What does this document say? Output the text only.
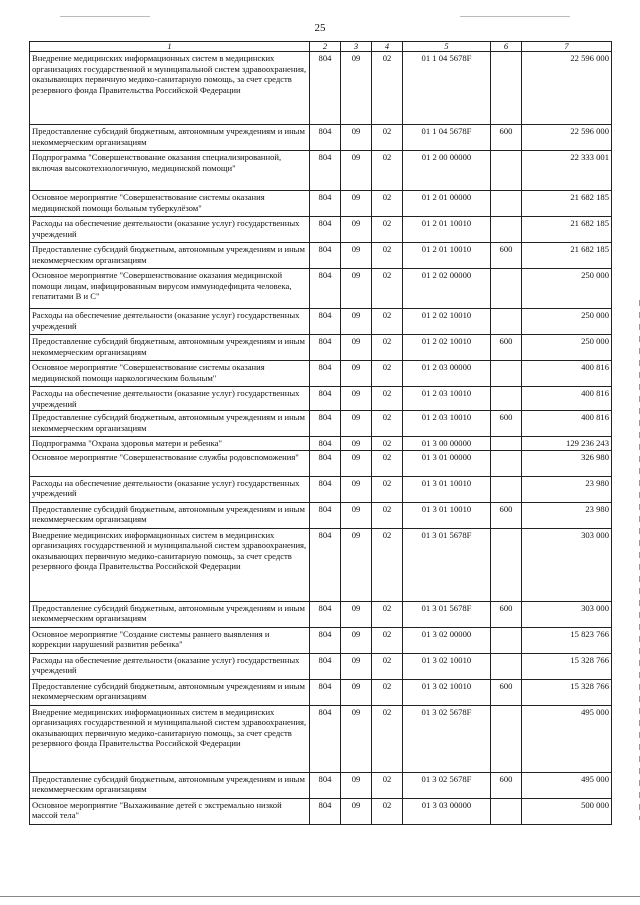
25
1	2	3	4	5	6	7
Внедрение медицинских информационных систем в медицинских организациях государственной и муниципальной систем здравоохранения, оказывающих первичную медико-санитарную помощь, за счет средств резервного фонда Правительства Российской Федерации	804	09	02	01 1 04 5678F		22 596 000
Предоставление субсидий бюджетным, автономным учреждениям и иным некоммерческим организациям	804	09	02	01 1 04 5678F	600	22 596 000
Подпрограмма "Совершенствование оказания специализированной, включая высокотехнологичную, медицинской помощи"	804	09	02	01 2 00 00000		22 333 001
Основное мероприятие "Совершенствование системы оказания медицинской помощи больным туберкулёзом"	804	09	02	01 2 01 00000		21 682 185
Расходы на обеспечение деятельности (оказание услуг) государственных учреждений	804	09	02	01 2 01 10010		21 682 185
Предоставление субсидий бюджетным, автономным учреждениям и иным некоммерческим организациям	804	09	02	01 2 01 10010	600	21 682 185
Основное мероприятие "Совершенствование оказания медицинской помощи лицам, инфицированным вирусом иммунодефицита человека, гепатитами В и С"	804	09	02	01 2 02 00000		250 000
Расходы на обеспечение деятельности (оказание услуг) государственных учреждений	804	09	02	01 2 02 10010		250 000
Предоставление субсидий бюджетным, автономным учреждениям и иным некоммерческим организациям	804	09	02	01 2 02 10010	600	250 000
Основное мероприятие "Совершенствование системы оказания медицинской помощи наркологическим больным"	804	09	02	01 2 03 00000		400 816
Расходы на обеспечение деятельности (оказание услуг) государственных учреждений	804	09	02	01 2 03 10010		400 816
Предоставление субсидий бюджетным, автономным учреждениям и иным некоммерческим организациям	804	09	02	01 2 03 10010	600	400 816
Подпрограмма "Охрана здоровья матери и ребенка"	804	09	02	01 3 00 00000		129 236 243
Основное мероприятие "Совершенствование службы родовспоможения"	804	09	02	01 3 01 00000		326 980
Расходы на обеспечение деятельности (оказание услуг) государственных учреждений	804	09	02	01 3 01 10010		23 980
Предоставление субсидий бюджетным, автономным учреждениям и иным некоммерческим организациям	804	09	02	01 3 01 10010	600	23 980
Внедрение медицинских информационных систем в медицинских организациях государственной и муниципальной систем здравоохранения, оказывающих первичную медико-санитарную помощь, за счет средств резервного фонда Правительства Российской Федерации	804	09	02	01 3 01 5678F		303 000
Предоставление субсидий бюджетным, автономным учреждениям и иным некоммерческим организациям	804	09	02	01 3 01 5678F	600	303 000
Основное мероприятие "Создание системы раннего выявления и коррекции нарушений развития ребенка"	804	09	02	01 3 02 00000		15 823 766
Расходы на обеспечение деятельности (оказание услуг) государственных учреждений	804	09	02	01 3 02 10010		15 328 766
Предоставление субсидий бюджетным, автономным учреждениям и иным некоммерческим организациям	804	09	02	01 3 02 10010	600	15 328 766
Внедрение медицинских информационных систем в медицинских организациях государственной и муниципальной систем здравоохранения, оказывающих первичную медико-санитарную помощь, за счет средств резервного фонда Правительства Российской Федерации	804	09	02	01 3 02 5678F		495 000
Предоставление субсидий бюджетным, автономным учреждениям и иным некоммерческим организациям	804	09	02	01 3 02 5678F	600	495 000
Основное мероприятие "Выхаживание детей с экстремально низкой массой тела"	804	09	02	01 3 03 00000		500 000
